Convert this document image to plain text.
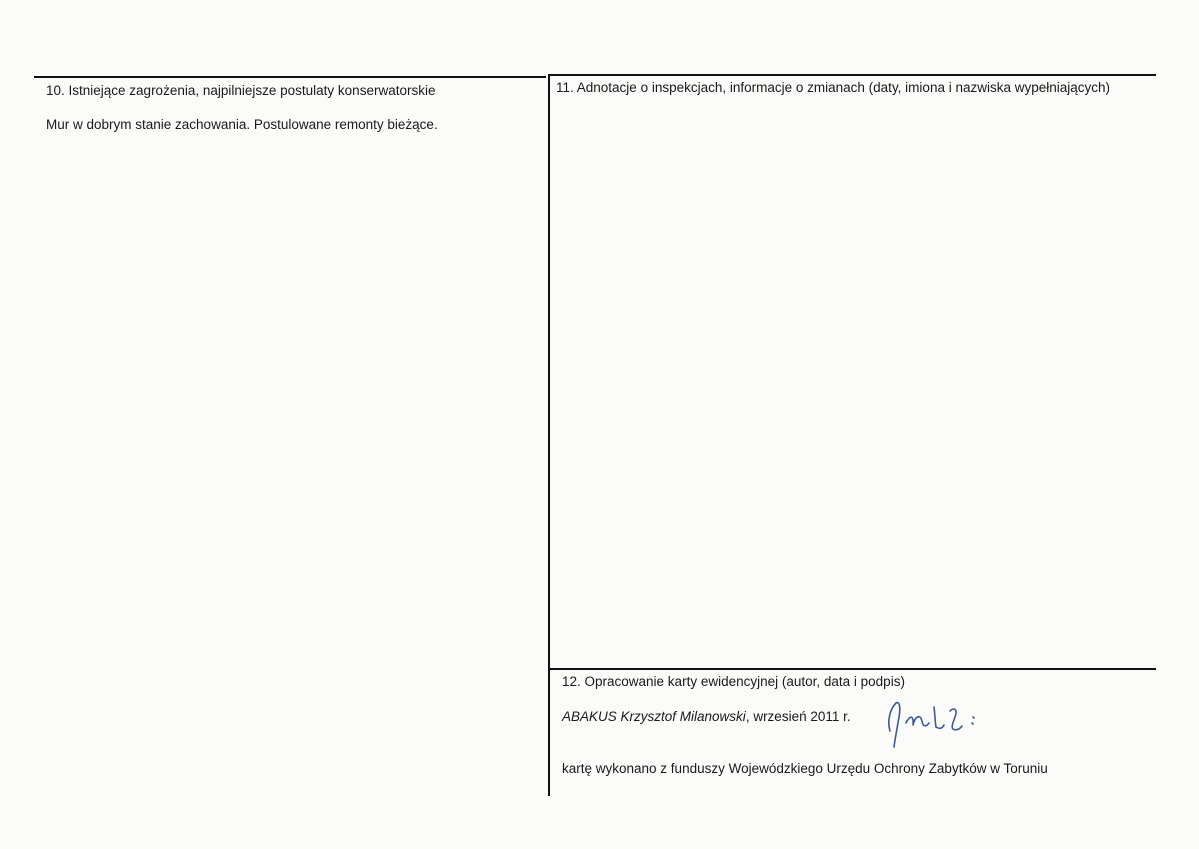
10. Istniejące zagrożenia, najpilniejsze postulaty konserwatorskie
Mur w dobrym stanie zachowania. Postulowane remonty bieżące.
11. Adnotacje o inspekcjach, informacje o zmianach (daty, imiona i nazwiska wypełniających)
12. Opracowanie karty ewidencyjnej (autor, data i podpis)
ABAKUS Krzysztof Milanowski, wrzesień 2011 r.
kartę wykonano z funduszy Wojewódzkiego Urzędu Ochrony Zabytków w Toruniu
